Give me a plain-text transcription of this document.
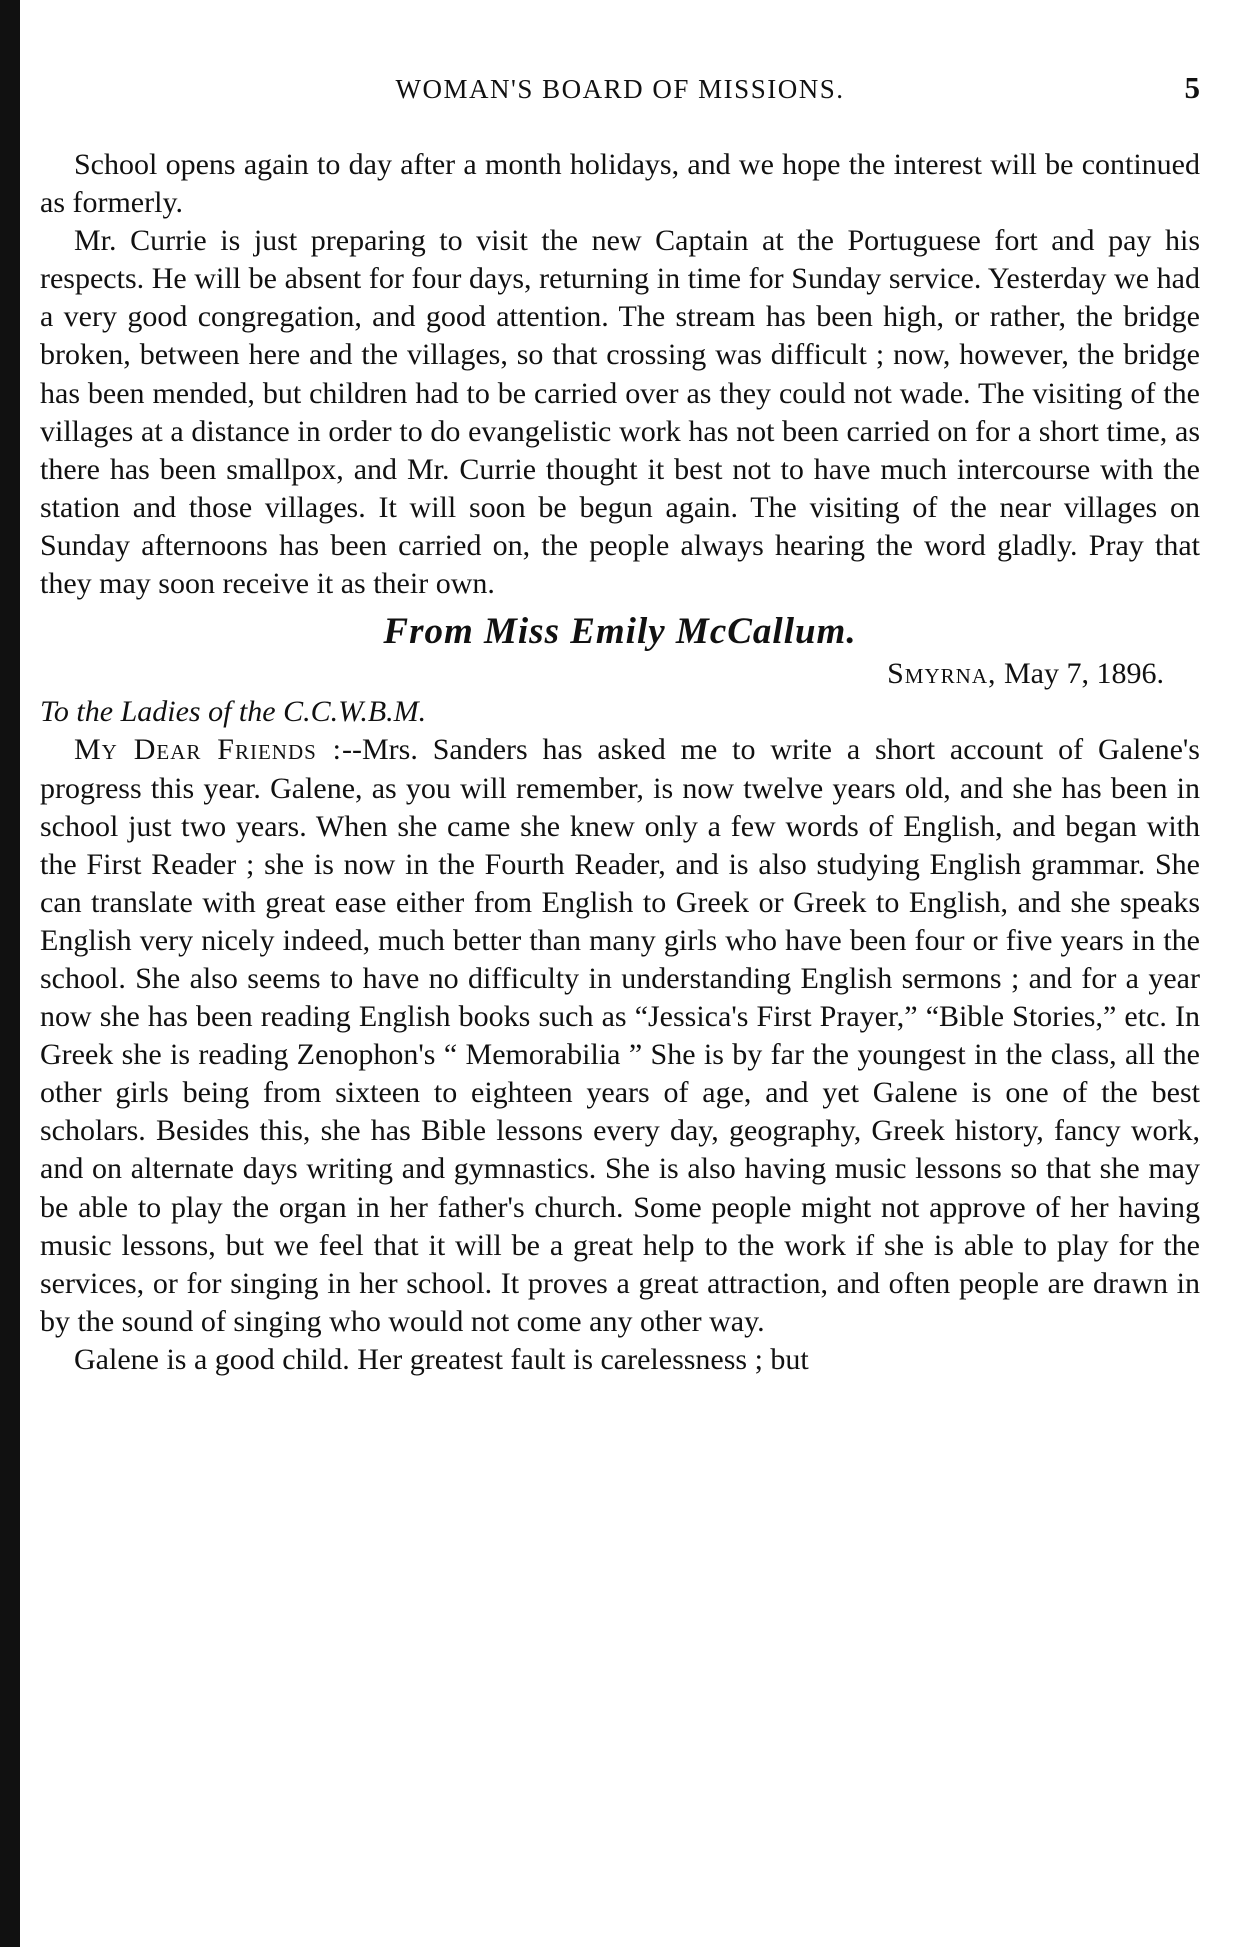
WOMAN'S BOARD OF MISSIONS.	5

School opens again to day after a month holidays, and we hope the interest will be continued as formerly.

Mr. Currie is just preparing to visit the new Captain at the Portuguese fort and pay his respects. He will be absent for four days, returning in time for Sunday service. Yesterday we had a very good congregation, and good attention. The stream has been high, or rather, the bridge broken, between here and the villages, so that crossing was difficult ; now, however, the bridge has been mended, but children had to be carried over as they could not wade. The visiting of the villages at a distance in order to do evangelistic work has not been carried on for a short time, as there has been smallpox, and Mr. Currie thought it best not to have much intercourse with the station and those villages. It will soon be begun again. The visiting of the near villages on Sunday afternoons has been carried on, the people always hearing the word gladly. Pray that they may soon receive it as their own.

From Miss Emily McCallum.

Smyrna, May 7, 1896.

To the Ladies of the C.C.W.B.M.

My Dear Friends :--Mrs. Sanders has asked me to write a short account of Galene's progress this year. Galene, as you will remember, is now twelve years old, and she has been in school just two years. When she came she knew only a few words of English, and began with the First Reader ; she is now in the Fourth Reader, and is also studying English grammar. She can translate with great ease either from English to Greek or Greek to English, and she speaks English very nicely indeed, much better than many girls who have been four or five years in the school. She also seems to have no difficulty in understanding English sermons ; and for a year now she has been reading English books such as “Jessica's First Prayer,” “Bible Stories,” etc. In Greek she is reading Zenophon's “ Memorabilia ” She is by far the youngest in the class, all the other girls being from sixteen to eighteen years of age, and yet Galene is one of the best scholars. Besides this, she has Bible lessons every day, geography, Greek history, fancy work, and on alternate days writing and gymnastics. She is also having music lessons so that she may be able to play the organ in her father's church. Some people might not approve of her having music lessons, but we feel that it will be a great help to the work if she is able to play for the services, or for singing in her school. It proves a great attraction, and often people are drawn in by the sound of singing who would not come any other way.

Galene is a good child. Her greatest fault is carelessness ; but
